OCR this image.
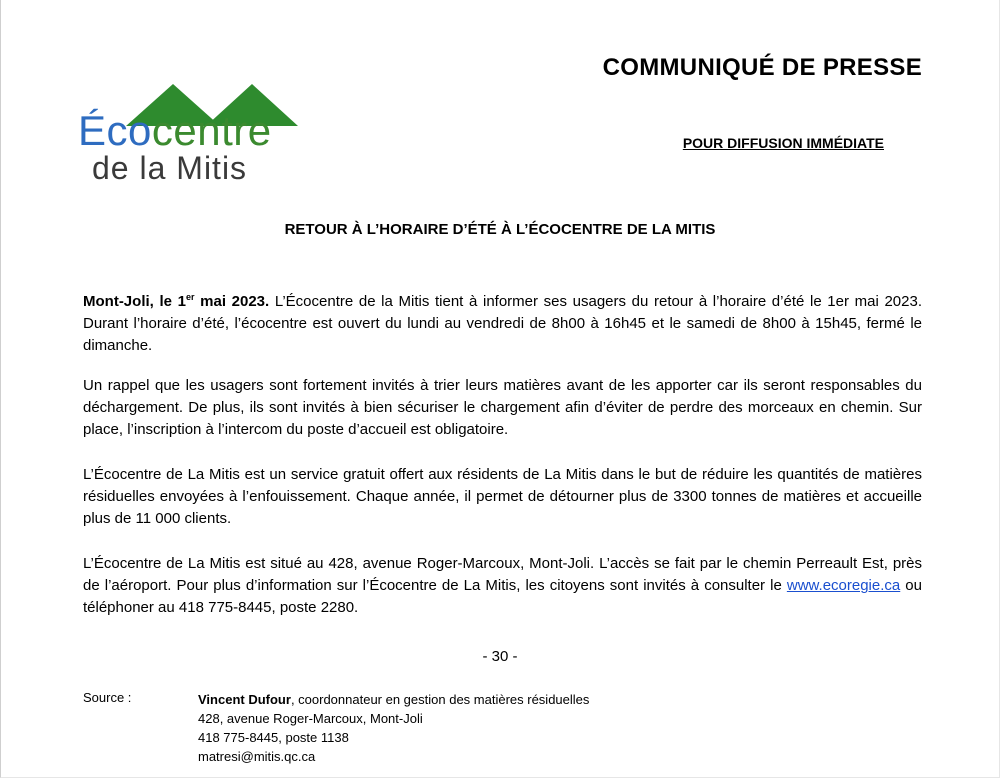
Écocentre
de la Mitis
COMMUNIQUÉ DE PRESSE
POUR DIFFUSION IMMÉDIATE
RETOUR À L’HORAIRE D’ÉTÉ À L’ÉCOCENTRE DE LA MITIS

Mont-Joli, le 1er mai 2023. L’Écocentre de la Mitis tient à informer ses usagers du retour à l’horaire d’été le 1er mai 2023. Durant l’horaire d’été, l’écocentre est ouvert du lundi au vendredi de 8h00 à 16h45 et le samedi de 8h00 à 15h45, fermé le dimanche.

Un rappel que les usagers sont fortement invités à trier leurs matières avant de les apporter car ils seront responsables du déchargement. De plus, ils sont invités à bien sécuriser le chargement afin d’éviter de perdre des morceaux en chemin. Sur place, l’inscription à l’intercom du poste d’accueil est obligatoire.

L’Écocentre de La Mitis est un service gratuit offert aux résidents de La Mitis dans le but de réduire les quantités de matières résiduelles envoyées à l’enfouissement. Chaque année, il permet de détourner plus de 3300 tonnes de matières et accueille plus de 11 000 clients.

L’Écocentre de La Mitis est situé au 428, avenue Roger-Marcoux, Mont-Joli. L’accès se fait par le chemin Perreault Est, près de l’aéroport. Pour plus d’information sur l’Écocentre de La Mitis, les citoyens sont invités à consulter le www.ecoregie.ca ou téléphoner au 418 775-8445, poste 2280.

- 30 -
Source :	Vincent Dufour, coordonnateur en gestion des matières résiduelles
428, avenue Roger-Marcoux, Mont-Joli
418 775-8445, poste 1138
matresi@mitis.qc.ca
